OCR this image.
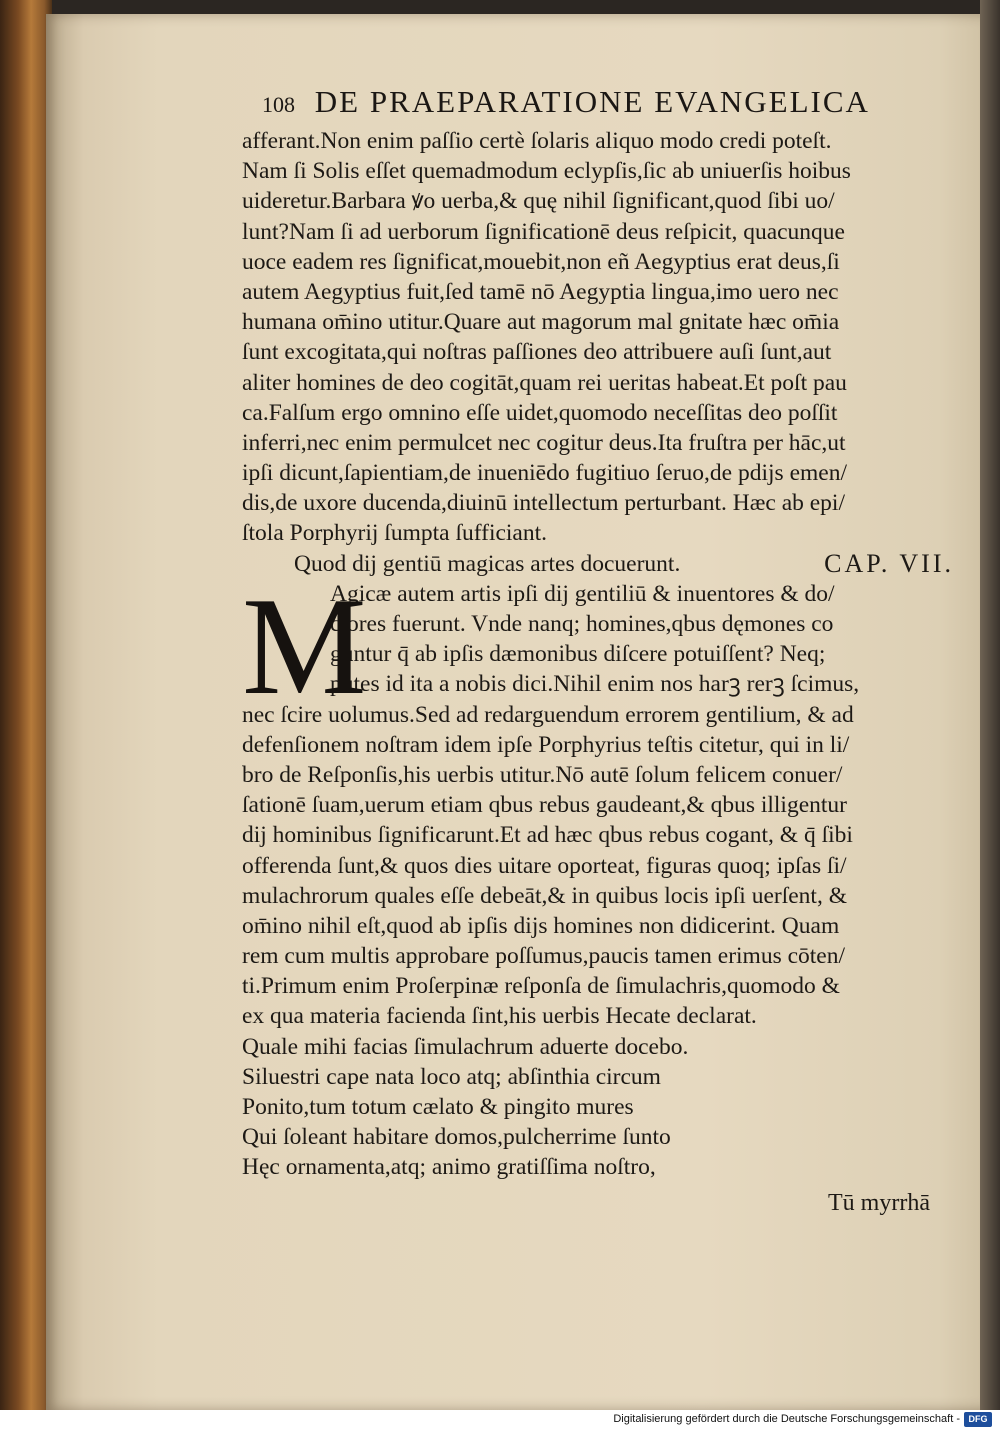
108 DE PRAEPARATIONE EVANGELICA
afferant.Non enim paſſio certè ſolaris aliquo modo credi poteſt.
Nam ſi Solis eſſet quemadmodum eclypſis,ſic ab uniuerſis hoibus
uideretur.Barbara ꝟo uerba,& quę nihil ſignificant,quod ſibi uo/
lunt?Nam ſi ad uerborum ſignificationē deus reſpicit, quacunque
uoce eadem res ſignificat,mouebit,non eñ Aegyptius erat deus,ſi
autem Aegyptius fuit,ſed tamē nō Aegyptia lingua,imo uero nec
humana om̄ino utitur.Quare aut magorum mal gnitate hæc om̄ia
ſunt excogitata,qui noſtras paſſiones deo attribuere auſi ſunt,aut
aliter homines de deo cogitāt,quam rei ueritas habeat.Et poſt pau
ca.Falſum ergo omnino eſſe uidet,quomodo neceſſitas deo poſſit
inferri,nec enim permulcet nec cogitur deus.Ita fruſtra per hāc,ut
ipſi dicunt,ſapientiam,de inueniēdo fugitiuo ſeruo,de pdijs emen/
dis,de uxore ducenda,diuinū intellectum perturbant. Hæc ab epi/
ſtola Porphyrij ſumpta ſufficiant.
Quod dij gentiū magicas artes docuerunt.	CAP. VII.
M
Agicæ autem artis ipſi dij gentiliū & inuentores & do/
ctores fuerunt. Vnde nanq; homines,qbus dęmones co
guntur q̄ ab ipſis dæmonibus diſcere potuiſſent? Neq;
putes id ita a nobis dici.Nihil enim nos harꝫ rerꝫ ſcimus,
nec ſcire uolumus.Sed ad redarguendum errorem gentilium, & ad
defenſionem noſtram idem ipſe Porphyrius teſtis citetur, qui in li/
bro de Reſponſis,his uerbis utitur.Nō autē ſolum felicem conuer/
ſationē ſuam,uerum etiam qbus rebus gaudeant,& qbus illigentur
dij hominibus ſignificarunt.Et ad hæc qbus rebus cogant, & q̄ ſibi
offerenda ſunt,& quos dies uitare oporteat, figuras quoq; ipſas ſi/
mulachrorum quales eſſe debeāt,& in quibus locis ipſi uerſent, &
om̄ino nihil eſt,quod ab ipſis dijs homines non didicerint. Quam
rem cum multis approbare poſſumus,paucis tamen erimus cōten/
ti.Primum enim Proſerpinæ reſponſa de ſimulachris,quomodo &
ex qua materia facienda ſint,his uerbis Hecate declarat.
Quale mihi facias ſimulachrum aduerte docebo.
Siluestri cape nata loco atq; abſinthia circum
Ponito,tum totum cælato & pingito mures
Qui ſoleant habitare domos,pulcherrime ſunto
Hęc ornamenta,atq; animo gratiſſima noſtro,
Tū myrrhā
Digitalisierung gefördert durch die Deutsche Forschungsgemeinschaft - DFG
